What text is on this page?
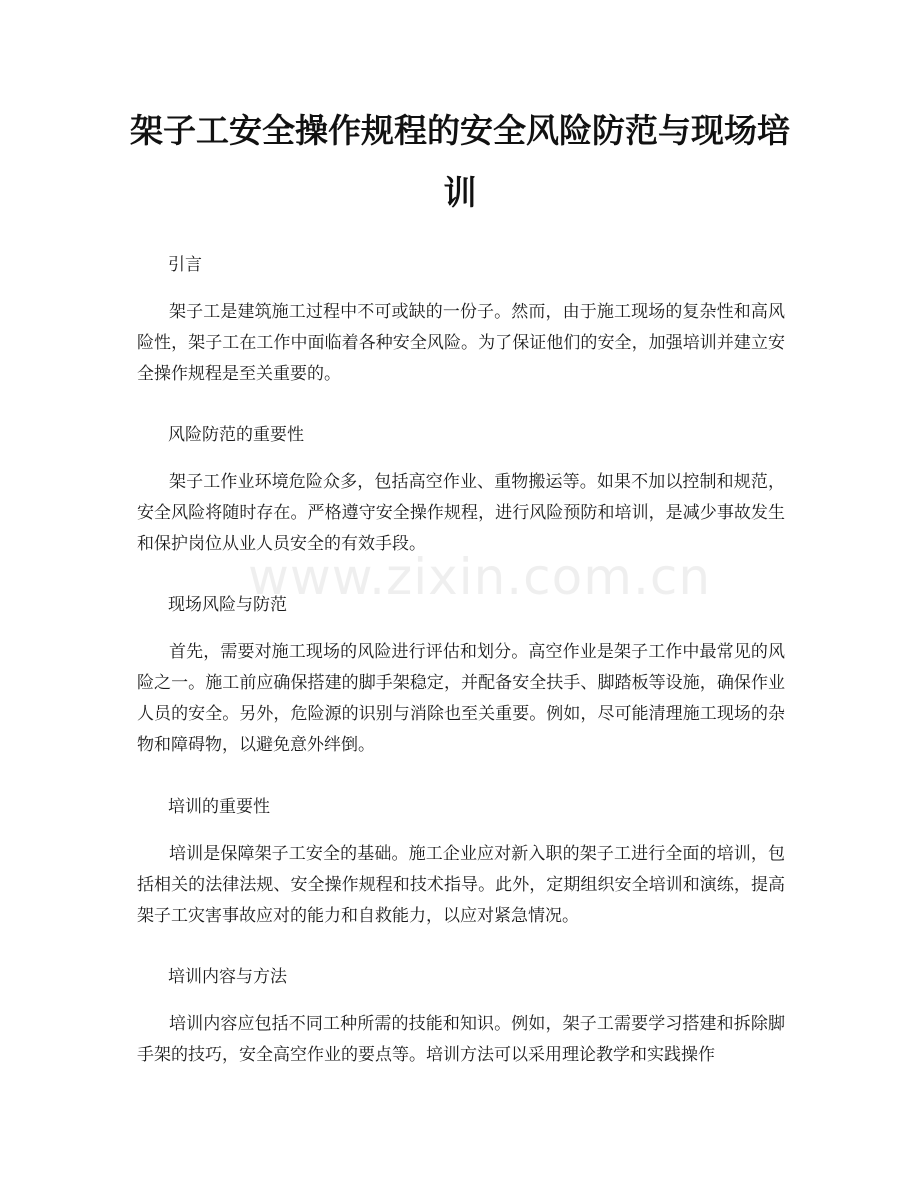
架子工安全操作规程的安全风险防范与现场培训

引言

架子工是建筑施工过程中不可或缺的一份子。然而，由于施工现场的复杂性和高风险性，架子工在工作中面临着各种安全风险。为了保证他们的安全，加强培训并建立安全操作规程是至关重要的。

风险防范的重要性

架子工作业环境危险众多，包括高空作业、重物搬运等。如果不加以控制和规范，安全风险将随时存在。严格遵守安全操作规程，进行风险预防和培训，是减少事故发生和保护岗位从业人员安全的有效手段。

现场风险与防范

首先，需要对施工现场的风险进行评估和划分。高空作业是架子工作中最常见的风险之一。施工前应确保搭建的脚手架稳定，并配备安全扶手、脚踏板等设施，确保作业人员的安全。另外，危险源的识别与消除也至关重要。例如，尽可能清理施工现场的杂物和障碍物，以避免意外绊倒。

培训的重要性

培训是保障架子工安全的基础。施工企业应对新入职的架子工进行全面的培训，包括相关的法律法规、安全操作规程和技术指导。此外，定期组织安全培训和演练，提高架子工灾害事故应对的能力和自救能力，以应对紧急情况。

培训内容与方法

培训内容应包括不同工种所需的技能和知识。例如，架子工需要学习搭建和拆除脚手架的技巧，安全高空作业的要点等。培训方法可以采用理论教学和实践操作

www.zixin.com.cn
